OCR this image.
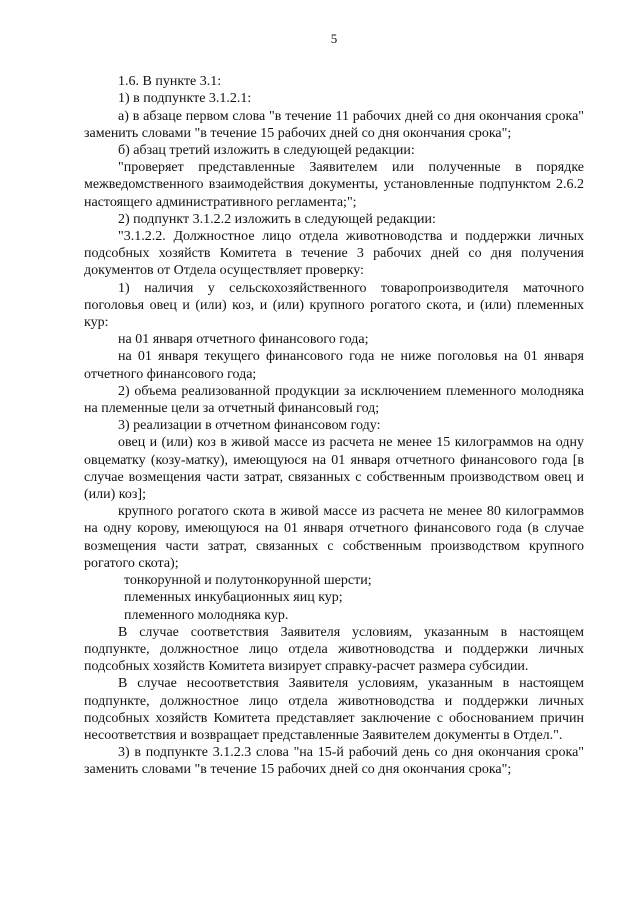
5

1.6. В пункте 3.1:

1) в подпункте 3.1.2.1:

а) в абзаце первом слова "в течение 11 рабочих дней со дня окончания срока" заменить словами "в течение 15 рабочих дней со дня окончания срока";

б) абзац третий изложить в следующей редакции:

"проверяет представленные Заявителем или полученные в порядке межведомственного взаимодействия документы, установленные подпунктом 2.6.2 настоящего административного регламента;";

2) подпункт 3.1.2.2 изложить в следующей редакции:

"3.1.2.2. Должностное лицо отдела животноводства и поддержки личных подсобных хозяйств Комитета в течение 3 рабочих дней со дня получения документов от Отдела осуществляет проверку:

1) наличия у сельскохозяйственного товаропроизводителя маточного поголовья овец и (или) коз, и (или) крупного рогатого скота, и (или) племенных кур:

на 01 января отчетного финансового года;

на 01 января текущего финансового года не ниже поголовья на 01 января отчетного финансового года;

2) объема реализованной продукции за исключением племенного молодняка на племенные цели за отчетный финансовый год;

3) реализации в отчетном финансовом году:

овец и (или) коз в живой массе из расчета не менее 15 килограммов на одну овцематку (козу-матку), имеющуюся на 01 января отчетного финансового года [в случае возмещения части затрат, связанных с собственным производством овец и (или) коз];

крупного рогатого скота в живой массе из расчета не менее 80 килограммов на одну корову, имеющуюся на 01 января отчетного финансового года (в случае возмещения части затрат, связанных с собственным производством крупного рогатого скота);

тонкорунной и полутонкорунной шерсти;

племенных инкубационных яиц кур;

племенного молодняка кур.

В случае соответствия Заявителя условиям, указанным в настоящем подпункте, должностное лицо отдела животноводства и поддержки личных подсобных хозяйств Комитета визирует справку-расчет размера субсидии.

В случае несоответствия Заявителя условиям, указанным в настоящем подпункте, должностное лицо отдела животноводства и поддержки личных подсобных хозяйств Комитета представляет заключение с обоснованием причин несоответствия и возвращает представленные Заявителем документы в Отдел.".

3) в подпункте 3.1.2.3 слова "на 15-й рабочий день со дня окончания срока" заменить словами "в течение 15 рабочих дней со дня окончания срока";
